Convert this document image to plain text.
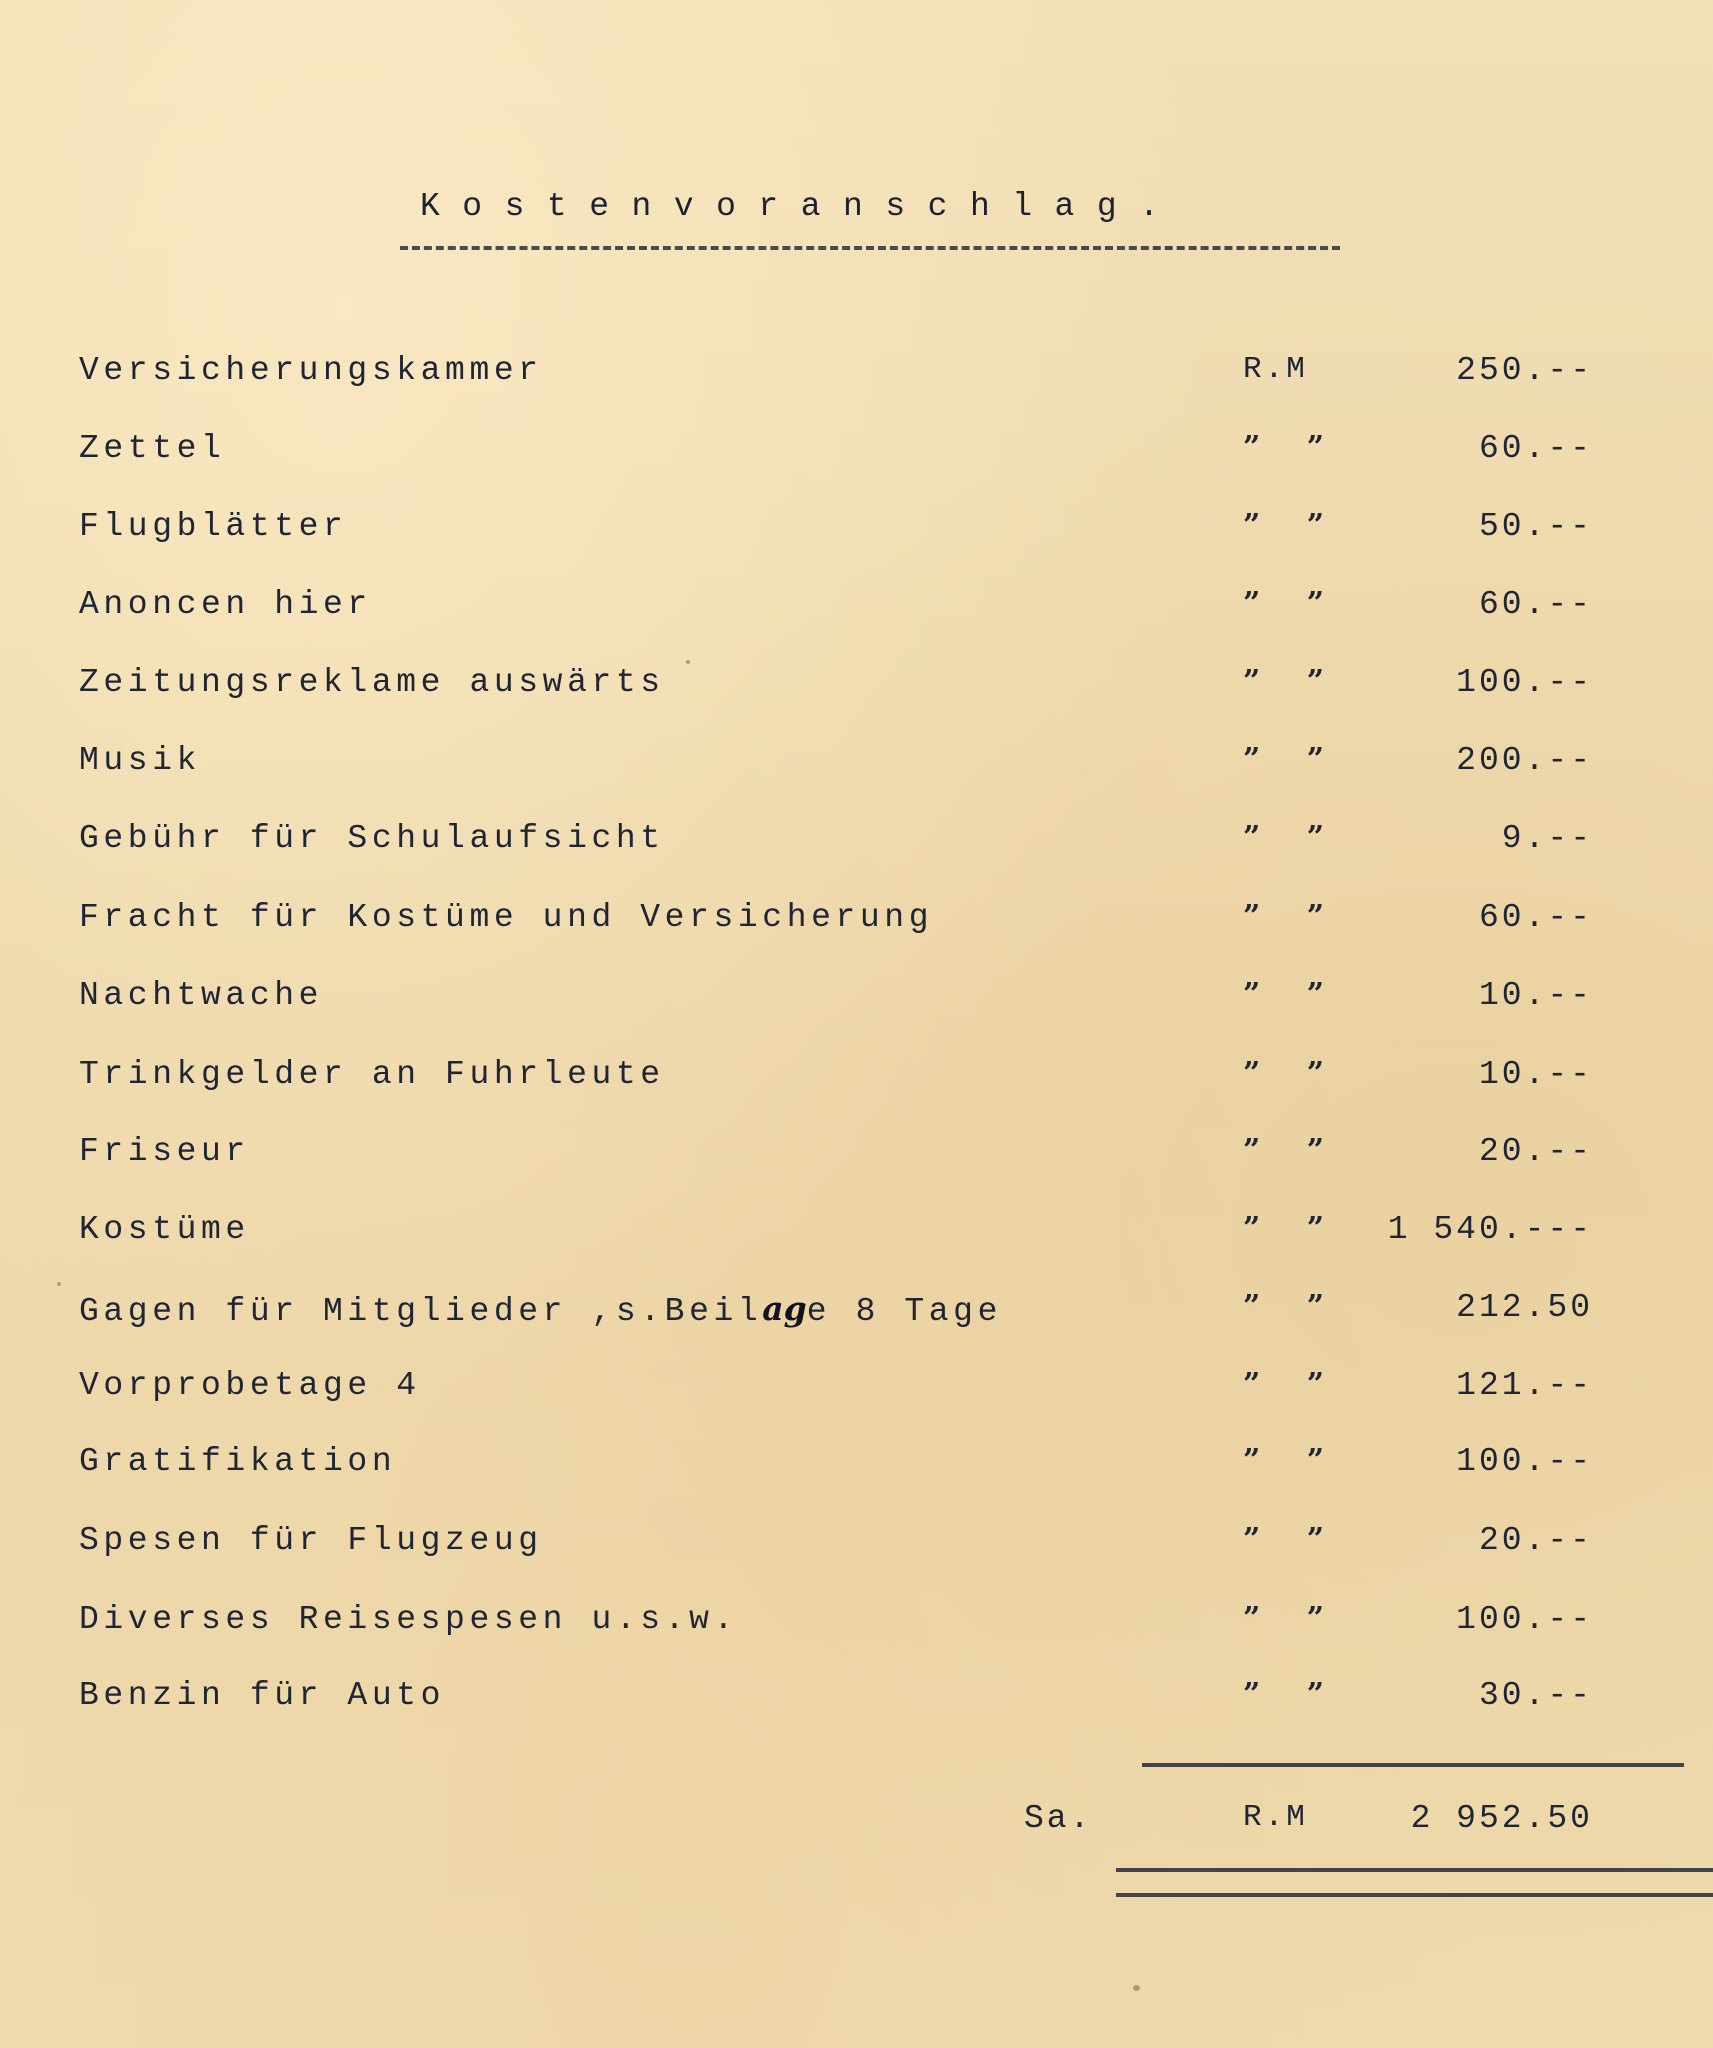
Kostenvoranschlag.
Versicherungskammer	R.M	250.--
Zettel	” ”	60.--
Flugblätter	” ”	50.--
Anoncen hier	” ”	60.--
Zeitungsreklame auswärts	” ”	100.--
Musik	” ”	200.--
Gebühr für Schulaufsicht	” ”	9.--
Fracht für Kostüme und Versicherung	” ”	60.--
Nachtwache	” ”	10.--
Trinkgelder an Fuhrleute	” ”	10.--
Friseur	” ”	20.--
Kostüme	” ” 1 540.---
Gagen für Mitglieder ,s.Beilage 8 Tage	” ”	212.50
Vorprobetage 4	” ”	121.--
Gratifikation	” ”	100.--
Spesen für Flugzeug	” ”	20.--
Diverses Reisespesen u.s.w.	” ”	100.--
Benzin für Auto	” ”	30.--
Sa.	R.M	2 952.50
